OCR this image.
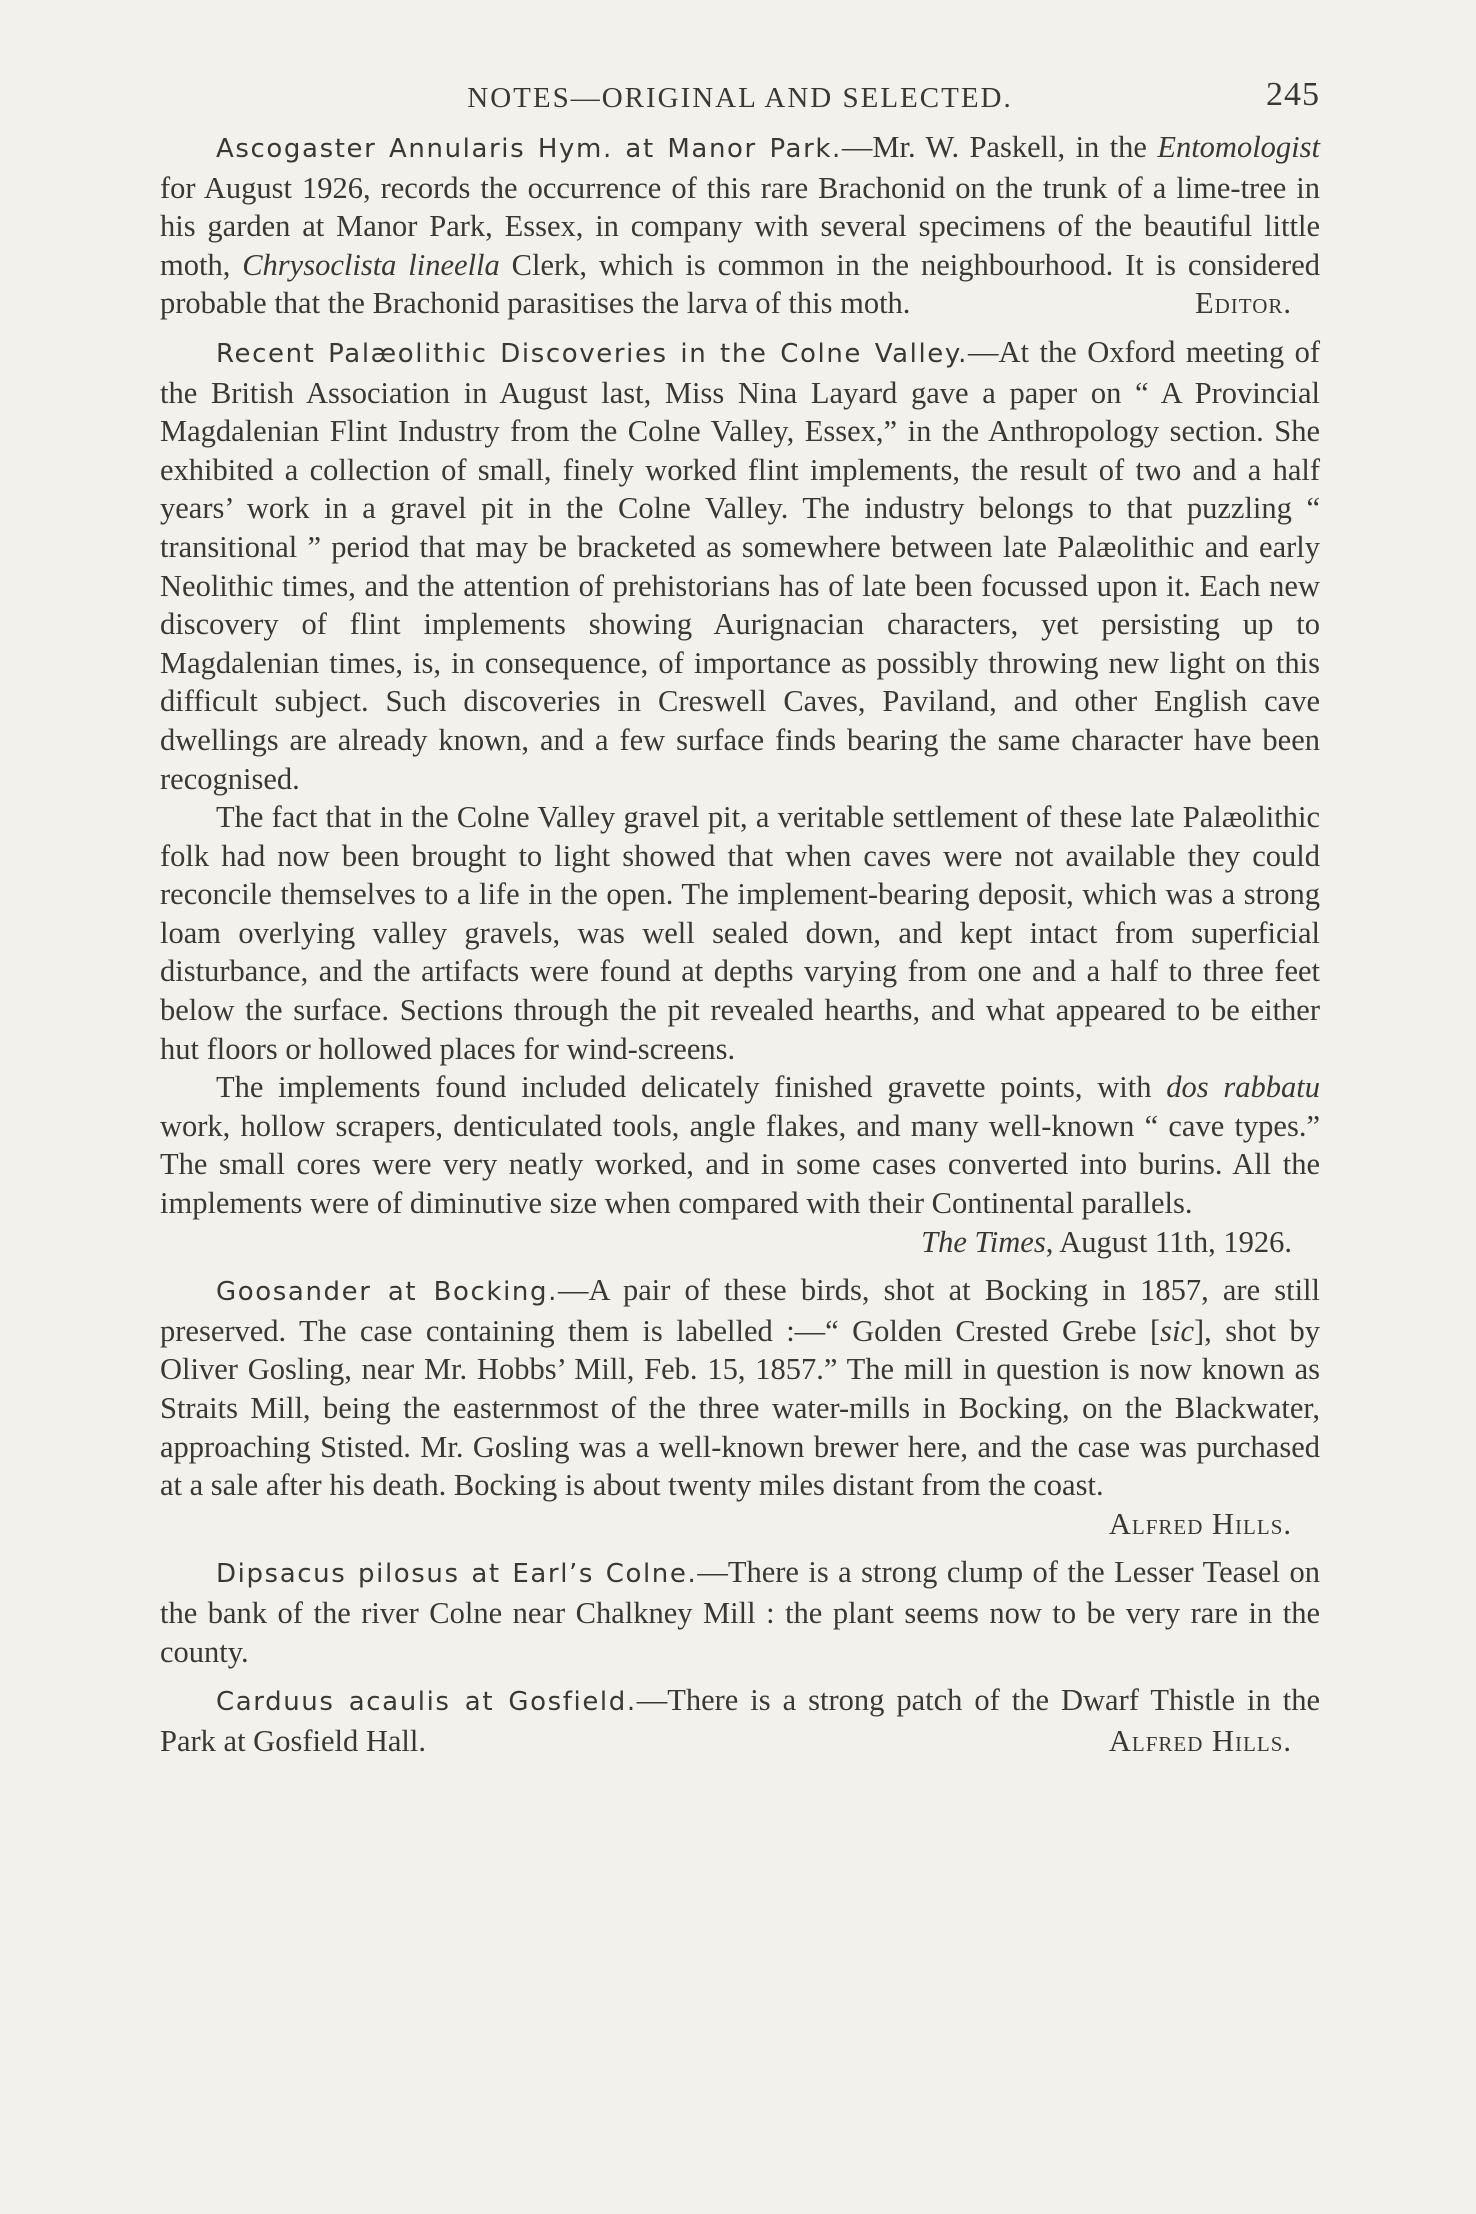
NOTES—ORIGINAL AND SELECTED.	245

Ascogaster Annularis Hym. at Manor Park.—Mr. W. Paskell, in the Entomologist for August 1926, records the occurrence of this rare Brachonid on the trunk of a lime-tree in his garden at Manor Park, Essex, in company with several specimens of the beautiful little moth, Chrysoclista lineella Clerk, which is common in the neighbourhood. It is considered probable that the Brachonid parasitises the larva of this moth.	Editor.

Recent Palæolithic Discoveries in the Colne Valley.—At the Oxford meeting of the British Association in August last, Miss Nina Layard gave a paper on “ A Provincial Magdalenian Flint Industry from the Colne Valley, Essex,” in the Anthropology section. She exhibited a collection of small, finely worked flint implements, the result of two and a half years’ work in a gravel pit in the Colne Valley. The industry belongs to that puzzling “ transitional ” period that may be bracketed as somewhere between late Palæolithic and early Neolithic times, and the attention of prehistorians has of late been focussed upon it. Each new discovery of flint implements showing Aurignacian characters, yet persisting up to Magdalenian times, is, in consequence, of importance as possibly throwing new light on this difficult subject. Such discoveries in Creswell Caves, Paviland, and other English cave dwellings are already known, and a few surface finds bearing the same character have been recognised.

The fact that in the Colne Valley gravel pit, a veritable settlement of these late Palæolithic folk had now been brought to light showed that when caves were not available they could reconcile themselves to a life in the open. The implement-bearing deposit, which was a strong loam overlying valley gravels, was well sealed down, and kept intact from superficial disturbance, and the artifacts were found at depths varying from one and a half to three feet below the surface. Sections through the pit revealed hearths, and what appeared to be either hut floors or hollowed places for wind-screens.

The implements found included delicately finished gravette points, with dos rabbatu work, hollow scrapers, denticulated tools, angle flakes, and many well-known “ cave types.” The small cores were very neatly worked, and in some cases converted into burins. All the implements were of diminutive size when compared with their Continental parallels.

The Times, August 11th, 1926.

Goosander at Bocking.—A pair of these birds, shot at Bocking in 1857, are still preserved. The case containing them is labelled :—“ Golden Crested Grebe [sic], shot by Oliver Gosling, near Mr. Hobbs’ Mill, Feb. 15, 1857.” The mill in question is now known as Straits Mill, being the easternmost of the three water-mills in Bocking, on the Blackwater, approaching Stisted. Mr. Gosling was a well-known brewer here, and the case was purchased at a sale after his death. Bocking is about twenty miles distant from the coast.
Alfred Hills.

Dipsacus pilosus at Earl’s Colne.—There is a strong clump of the Lesser Teasel on the bank of the river Colne near Chalkney Mill : the plant seems now to be very rare in the county.

Carduus acaulis at Gosfield.—There is a strong patch of the Dwarf Thistle in the Park at Gosfield Hall.	Alfred Hills.
